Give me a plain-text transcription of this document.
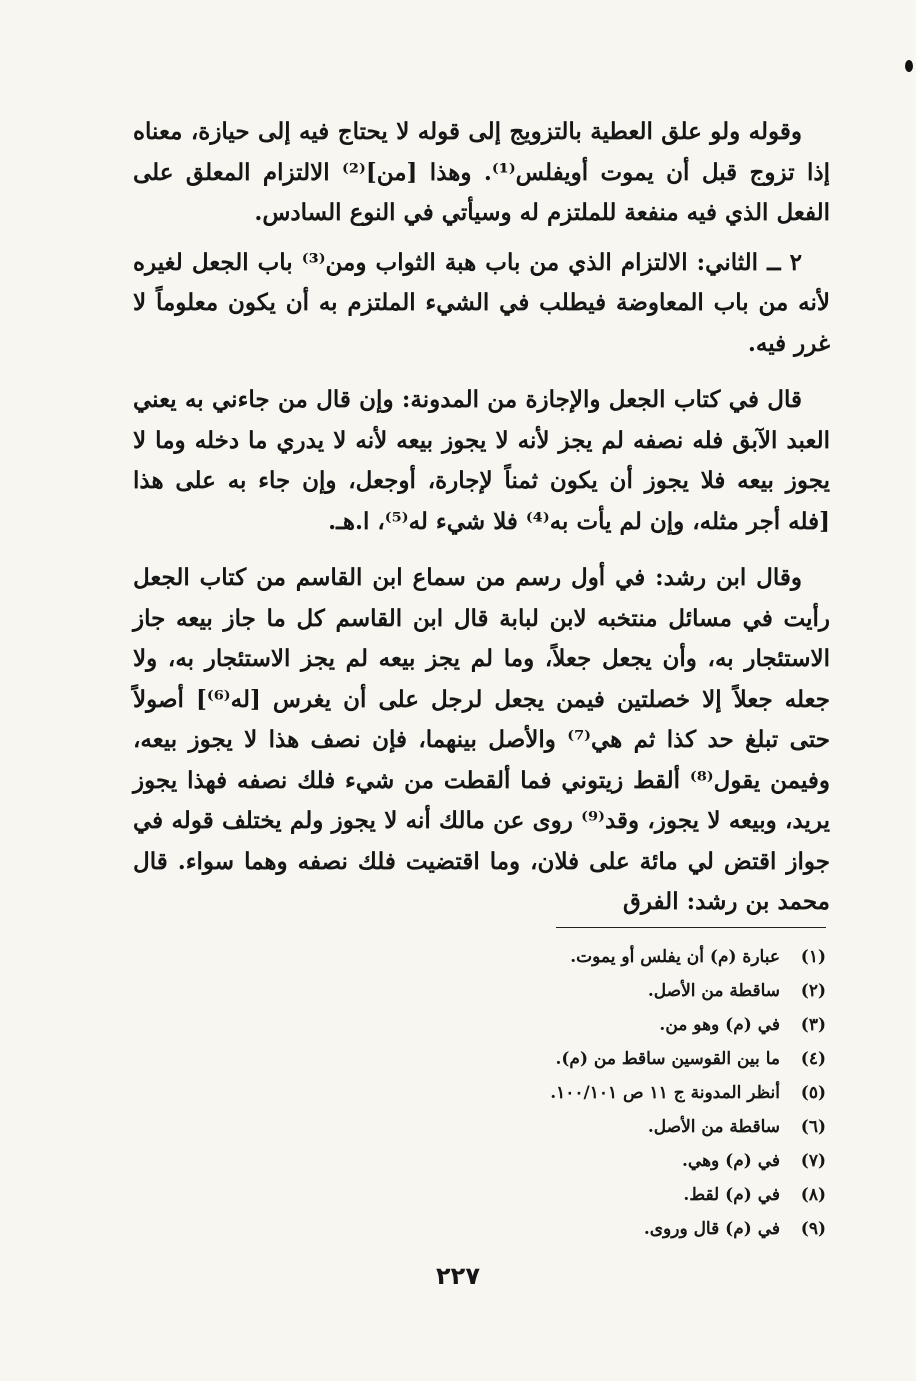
وقوله ولو علق العطية بالتزويج إلى قوله لا يحتاج فيه إلى حيازة، معناه إذا تزوج قبل أن يموت أويفلس⁽¹⁾. وهذا [من]⁽²⁾ الالتزام المعلق على الفعل الذي فيه منفعة للملتزم له وسيأتي في النوع السادس.

٢ ــ الثاني: الالتزام الذي من باب هبة الثواب ومن⁽³⁾ باب الجعل لغيره لأنه من باب المعاوضة فيطلب في الشيء الملتزم به أن يكون معلوماً لا غرر فيه.

قال في كتاب الجعل والإجازة من المدونة: وإن قال من جاءني به يعني العبد الآبق فله نصفه لم يجز لأنه لا يجوز بيعه لأنه لا يدري ما دخله وما لا يجوز بيعه فلا يجوز أن يكون ثمناً لإجارة، أوجعل، وإن جاء به على هذا [فله أجر مثله، وإن لم يأت به⁽⁴⁾ فلا شيء له⁽⁵⁾، ا.هـ.

وقال ابن رشد: في أول رسم من سماع ابن القاسم من كتاب الجعل رأيت في مسائل منتخبه لابن لبابة قال ابن القاسم كل ما جاز بيعه جاز الاستئجار به، وأن يجعل جعلاً، وما لم يجز بيعه لم يجز الاستئجار به، ولا جعله جعلاً إلا خصلتين فيمن يجعل لرجل على أن يغرس [له⁽⁶⁾] أصولاً حتى تبلغ حد كذا ثم هي⁽⁷⁾ والأصل بينهما، فإن نصف هذا لا يجوز بيعه، وفيمن يقول⁽⁸⁾ ألقط زيتوني فما ألقطت من شيء فلك نصفه فهذا يجوز يريد، وبيعه لا يجوز، وقد⁽⁹⁾ روى عن مالك أنه لا يجوز ولم يختلف قوله في جواز اقتض لي مائة على فلان، وما اقتضيت فلك نصفه وهما سواء. قال محمد بن رشد: الفرق

(١)
عبارة (م) أن يفلس أو يموت.
(٢)
ساقطة من الأصل.
(٣)
في (م) وهو من.
(٤)
ما بين القوسين ساقط من (م).
(٥)
أنظر المدونة ج ١١ ص ١٠٠/١٠١.
(٦)
ساقطة من الأصل.
(٧)
في (م) وهي.
(٨)
في (م) لقط.
(٩)
في (م) قال وروى.
٢٢٧
